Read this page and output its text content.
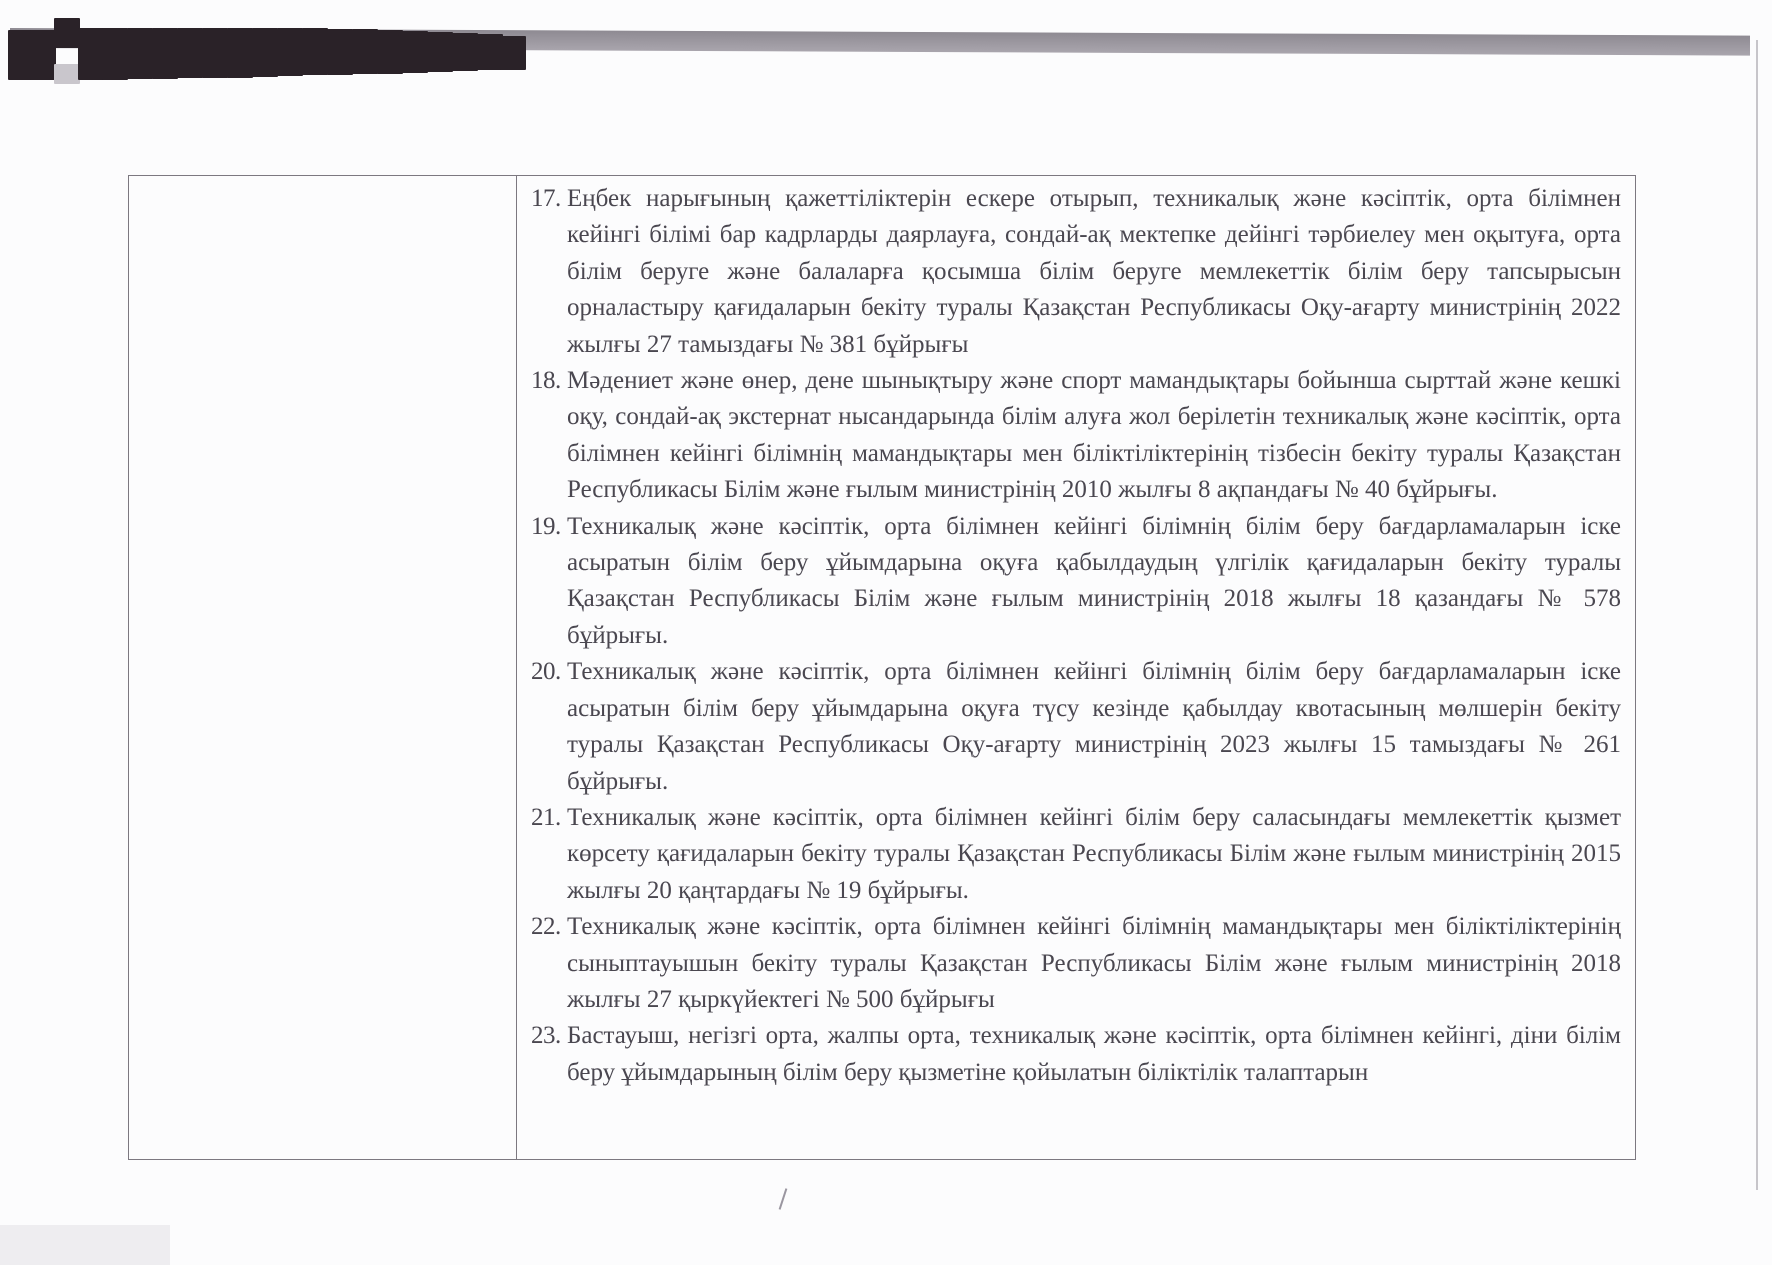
17. Еңбек нарығының қажеттіліктерін ескере отырып, техникалық және кәсіптік, орта білімнен кейінгі білімі бар кадрларды даярлауға, сондай-ақ мектепке дейінгі тәрбиелеу мен оқытуға, орта білім беруге және балаларға қосымша білім беруге мемлекеттік білім беру тапсырысын орналастыру қағидаларын бекіту туралы Қазақстан Республикасы Оқу-ағарту министрінің 2022 жылғы 27 тамыздағы № 381 бұйрығы
18. Мәдениет және өнер, дене шынықтыру және спорт мамандықтары бойынша сырттай және кешкі оқу, сондай-ақ экстернат нысандарында білім алуға жол берілетін техникалық және кәсіптік, орта білімнен кейінгі білімнің мамандықтары мен біліктіліктерінің тізбесін бекіту туралы Қазақстан Республикасы Білім және ғылым министрінің 2010 жылғы 8 ақпандағы № 40 бұйрығы.
19. Техникалық және кәсіптік, орта білімнен кейінгі білімнің білім беру бағдарламаларын іске асыратын білім беру ұйымдарына оқуға қабылдаудың үлгілік қағидаларын бекіту туралы Қазақстан Республикасы Білім және ғылым министрінің 2018 жылғы 18 қазандағы № 578 бұйрығы.
20. Техникалық және кәсіптік, орта білімнен кейінгі білімнің білім беру бағдарламаларын іске асыратын білім беру ұйымдарына оқуға түсу кезінде қабылдау квотасының мөлшерін бекіту туралы Қазақстан Республикасы Оқу-ағарту министрінің 2023 жылғы 15 тамыздағы № 261 бұйрығы.
21. Техникалық және кәсіптік, орта білімнен кейінгі білім беру саласындағы мемлекеттік қызмет көрсету қағидаларын бекіту туралы Қазақстан Республикасы Білім және ғылым министрінің 2015 жылғы 20 қаңтардағы № 19 бұйрығы.
22. Техникалық және кәсіптік, орта білімнен кейінгі білімнің мамандықтары мен біліктіліктерінің сыныптауышын бекіту туралы Қазақстан Республикасы Білім және ғылым министрінің 2018 жылғы 27 қыркүйектегі № 500 бұйрығы
23. Бастауыш, негізгі орта, жалпы орта, техникалық және кәсіптік, орта білімнен кейінгі, діни білім беру ұйымдарының білім беру қызметіне қойылатын біліктілік талаптарын
